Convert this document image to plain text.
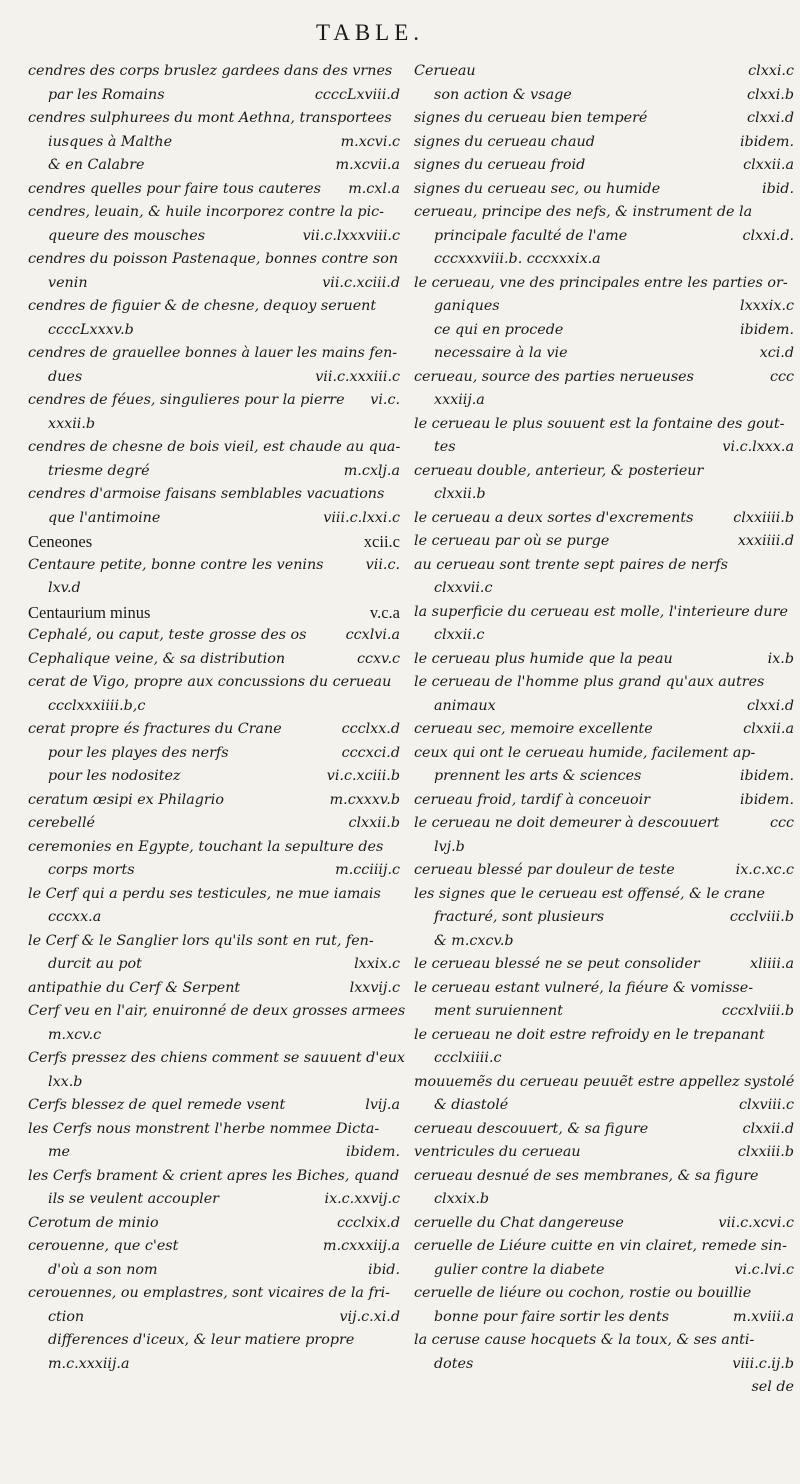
TABLE.
cendres des corps bruslez gardees dans des vrnes
par les Romains	ccccLxviii.d
cendres sulphurees du mont Aethna, transportees
iusques à Malthe	m.xcvi.c
& en Calabre	m.xcvii.a
cendres quelles pour faire tous cauteres	m.cxl.a
cendres, leuain, & huile incorporez contre la pic-
queure des mousches	vii.c.lxxxviii.c
cendres du poisson Pastenaque, bonnes contre son
venin	vii.c.xciii.d
cendres de figuier & de chesne, dequoy seruent
ccccLxxxv.b
cendres de grauellee bonnes à lauer les mains fen-
dues	vii.c.xxxiii.c
cendres de féues, singulieres pour la pierre	vi.c.
xxxii.b
cendres de chesne de bois vieil, est chaude au qua-
triesme degré	m.cxlj.a
cendres d'armoise faisans semblables vacuations
que l'antimoine	viii.c.lxxi.c
Ceneones	xcii.c
Centaure petite, bonne contre les venins	vii.c.
lxv.d
Centaurium minus	v.c.a
Cephalé, ou caput, teste grosse des os	ccxlvi.a
Cephalique veine, & sa distribution	ccxv.c
cerat de Vigo, propre aux concussions du cerueau
ccclxxxiiii.b,c
cerat propre és fractures du Crane	ccclxx.d
pour les playes des nerfs	cccxci.d
pour les nodositez	vi.c.xciii.b
ceratum œsipi ex Philagrio	m.cxxxv.b
cerebellé	clxxii.b
ceremonies en Egypte, touchant la sepulture des
corps morts	m.cciiij.c
le Cerf qui a perdu ses testicules, ne mue iamais
cccxx.a
le Cerf & le Sanglier lors qu'ils sont en rut, fen-
durcit au pot	lxxix.c
antipathie du Cerf & Serpent	lxxvij.c
Cerf veu en l'air, enuironné de deux grosses armees
m.xcv.c
Cerfs pressez des chiens comment se sauuent d'eux
lxx.b
Cerfs blessez de quel remede vsent	lvij.a
les Cerfs nous monstrent l'herbe nommee Dicta-
me	ibidem.
les Cerfs brament & crient apres les Biches, quand
ils se veulent accoupler	ix.c.xxvij.c
Cerotum de minio	ccclxix.d
cerouenne, que c'est	m.cxxxiij.a
d'où a son nom	ibid.
cerouennes, ou emplastres, sont vicaires de la fri-
ction	vij.c.xi.d
differences d'iceux, & leur matiere propre
m.c.xxxiij.a
Cerueau	clxxi.c
son action & vsage	clxxi.b
signes du cerueau bien temperé	clxxi.d
signes du cerueau chaud	ibidem.
signes du cerueau froid	clxxii.a
signes du cerueau sec, ou humide	ibid.
cerueau, principe des nefs, & instrument de la
principale faculté de l'ame	clxxi.d.
cccxxxviii.b. cccxxxix.a
le cerueau, vne des principales entre les parties or-
ganiques	lxxxix.c
ce qui en procede	ibidem.
necessaire à la vie	xci.d
cerueau, source des parties nerueuses	ccc
xxxiij.a
le cerueau le plus souuent est la fontaine des gout-
tes	vi.c.lxxx.a
cerueau double, anterieur, & posterieur
clxxii.b
le cerueau a deux sortes d'excrements	clxxiiii.b
le cerueau par où se purge	xxxiiii.d
au cerueau sont trente sept paires de nerfs
clxxvii.c
la superficie du cerueau est molle, l'interieure dure
clxxii.c
le cerueau plus humide que la peau	ix.b
le cerueau de l'homme plus grand qu'aux autres
animaux	clxxi.d
cerueau sec, memoire excellente	clxxii.a
ceux qui ont le cerueau humide, facilement ap-
prennent les arts & sciences	ibidem.
cerueau froid, tardif à conceuoir	ibidem.
le cerueau ne doit demeurer à descouuert	ccc
lvj.b
cerueau blessé par douleur de teste	ix.c.xc.c
les signes que le cerueau est offensé, & le crane
fracturé, sont plusieurs	ccclviii.b
& m.cxcv.b
le cerueau blessé ne se peut consolider	xliiii.a
le cerueau estant vulneré, la fiéure & vomisse-
ment suruiennent	cccxlviii.b
le cerueau ne doit estre refroidy en le trepanant
ccclxiiii.c
mouuemẽs du cerueau peuuẽt estre appellez systolé
& diastolé	clxviii.c
cerueau descouuert, & sa figure	clxxii.d
ventricules du cerueau	clxxiii.b
cerueau desnué de ses membranes, & sa figure
clxxix.b
ceruelle du Chat dangereuse	vii.c.xcvi.c
ceruelle de Liéure cuitte en vin clairet, remede sin-
gulier contre la diabete	vi.c.lvi.c
ceruelle de liéure ou cochon, rostie ou bouillie
bonne pour faire sortir les dents	m.xviii.a
la ceruse cause hocquets & la toux, & ses anti-
dotes	viii.c.ij.b
sel de
